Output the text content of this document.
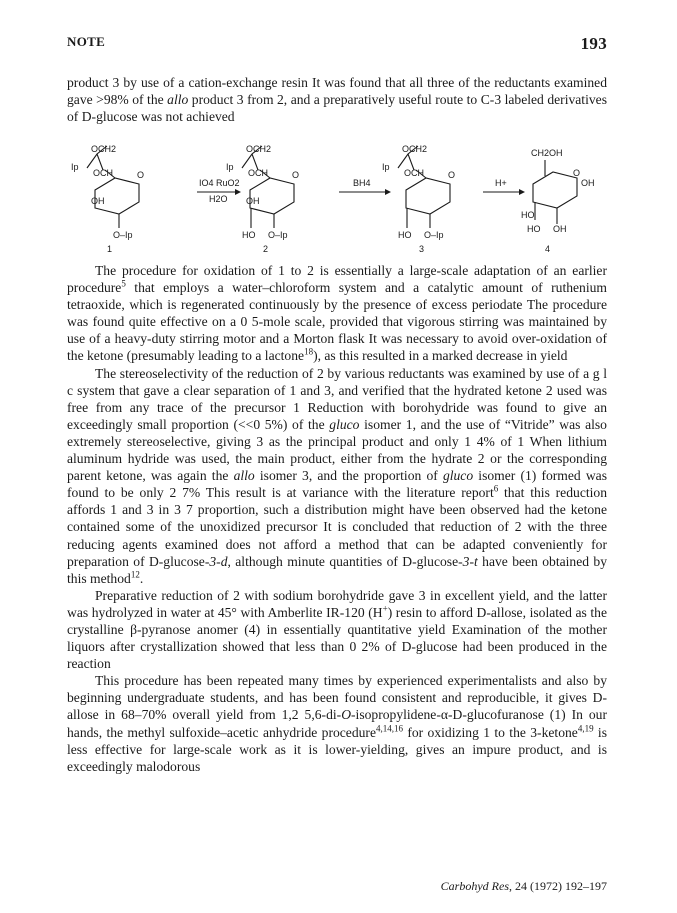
NOTE	193

product 3 by use of a cation-exchange resin It was found that all three of the reductants examined gave >98% of the allo product 3 from 2, and a preparatively useful route to C-3 labeled derivatives of D-glucose was not achieved

Ip
OCH2
OCH	O
OH
O–Ip
1
Ip
OCH2
OCH	O
OH
HO O–Ip
2
Ip
OCH2
OCH	O
HO O–Ip
3
CH2OH
O
OH
HO
HO OH
4
IO4 RuO2
H2O
BH4	H+

The procedure for oxidation of 1 to 2 is essentially a large-scale adaptation of an earlier procedure$^5$ that employs a water–chloroform system and a catalytic amount of ruthenium tetraoxide, which is regenerated continuously by the presence of excess periodate The procedure was found quite effective on a 0 5-mole scale, provided that vigorous stirring was maintained by use of a heavy-duty stirring motor and a Morton flask It was necessary to avoid over-oxidation of the ketone (presumably leading to a lactone$^{18}$), as this resulted in a marked decrease in yield

The stereoselectivity of the reduction of 2 by various reductants was examined by use of a g l c system that gave a clear separation of 1 and 3, and verified that the hydrated ketone 2 used was free from any trace of the precursor 1 Reduction with borohydride was found to give an exceedingly small proportion (<<0 5%) of the gluco isomer 1, and the use of “Vitride” was also extremely stereoselective, giving 3 as the principal product and only 1 4% of 1 When lithium aluminum hydride was used, the main product, either from the hydrate 2 or the corresponding parent ketone, was again the allo isomer 3, and the proportion of gluco isomer (1) formed was found to be only 2 7% This result is at variance with the literature report$^6$ that this reduction affords 1 and 3 in 3 7 proportion, such a distribution might have been observed had the ketone contained some of the unoxidized precursor It is concluded that reduction of 2 with the three reducing agents examined does not afford a method that can be adapted conveniently for preparation of D-glucose-3-d, although minute quantities of D-glucose-3-t have been obtained by this method$^{12}$.

Preparative reduction of 2 with sodium borohydride gave 3 in excellent yield, and the latter was hydrolyzed in water at 45° with Amberlite IR-120 (H+) resin to afford D-allose, isolated as the crystalline β-pyranose anomer (4) in essentially quantitative yield Examination of the mother liquors after crystallization showed that less than 0 2% of D-glucose had been produced in the reaction

This procedure has been repeated many times by experienced experimentalists and also by beginning undergraduate students, and has been found consistent and reproducible, it gives D-allose in 68–70% overall yield from 1,2 5,6-di-O-isopropylidene-α-D-glucofuranose (1) In our hands, the methyl sulfoxide–acetic anhydride procedure$^{4,14,16}$ for oxidizing 1 to the 3-ketone$^{4,19}$ is less effective for large-scale work as it is lower-yielding, gives an impure product, and is exceedingly malodorous

Carbohyd Res, 24 (1972) 192–197
